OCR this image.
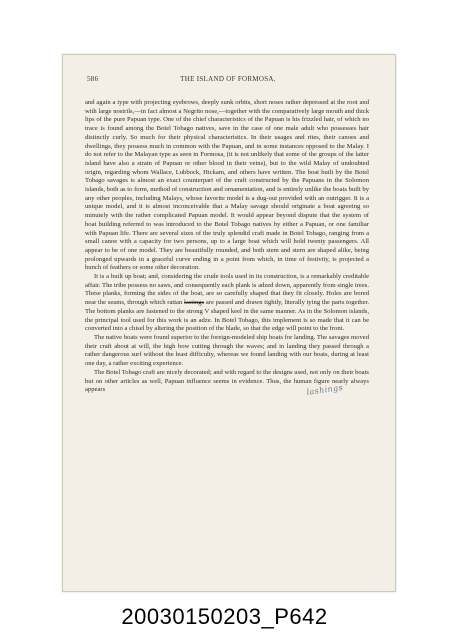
586	THE ISLAND OF FORMOSA.

and again a type with projecting eyebrows, deeply sunk orbits, short noses rather depressed at the root and with large nostrils,—in fact almost a Negrito nose,—together with the comparatively large mouth and thick lips of the pure Papuan type. One of the chief characteristics of the Papuan is his frizzled hair, of which no trace is found among the Botel Tobago natives, save in the case of one male adult who possesses hair distinctly curly. So much for their physical characteristics. In their usages and rites, their canoes and dwellings, they possess much in common with the Papuan, and in some instances opposed to the Malay. I do not refer to the Malayan type as seen in Formosa, (it is not unlikely that some of the groups of the latter island have also a strain of Papuan or other blood in their veins), but to the wild Malay of undoubted origin, regarding whom Wallace, Lubbock, Hickam, and others have written. The boat built by the Botel Tobago savages is almost an exact counterpart of the craft constructed by the Papuans in the Solomon islands, both as to form, method of construction and ornamentation, and is entirely unlike the boats built by any other peoples, including Malays, whose favorite model is a dug-out provided with an outrigger. It is a unique model, and it is almost inconceivable that a Malay savage should originate a boat agreeing so minutely with the rather complicated Papuan model. It would appear beyond dispute that the system of boat building referred to was introduced to the Botel Tobago natives by either a Papuan, or one familiar with Papuan life. There are several sizes of the truly splendid craft made in Botel Tobago, ranging from a small canoe with a capacity for two persons, up to a large boat which will hold twenty passengers. All appear to be of one model. They are beautifully rounded, and both stem and stern are shaped alike, being prolonged upwards in a graceful curve ending in a point from which, in time of festivity, is projected a bunch of feathers or some other decoration.

It is a built up boat; and, considering the crude tools used in its construction, is a remarkably creditable affair. The tribe possess no saws, and consequently each plank is adzed down, apparently from single trees. These planks, forming the sides of the boat, are so carefully shaped that they fit closely. Holes are bored near the seams, through which rattan lastings are passed and drawn tightly, literally tying the parts together. The bottom planks are fastened to the strong V shaped keel in the same manner. As in the Solomon islands, the principal tool used for this work is an adze. In Botel Tobago, this implement is so made that it can be converted into a chisel by altering the position of the blade, so that the edge will point to the front.

The native boats were found superior to the foreign-modeled ship boats for landing. The savages moved their craft about at will, the high bow cutting through the waves; and in landing they passed through a rather dangerous surf without the least difficulty, whereas we found landing with our boats, during at least one day, a rather exciting experience.

The Botel Tobago craft are nicely decorated; and with regard to the designs used, not only on their boats but on other articles as well, Papuan influence seems in evidence. Thus, the human figure nearly always appears	lashings
20030150203_P642
